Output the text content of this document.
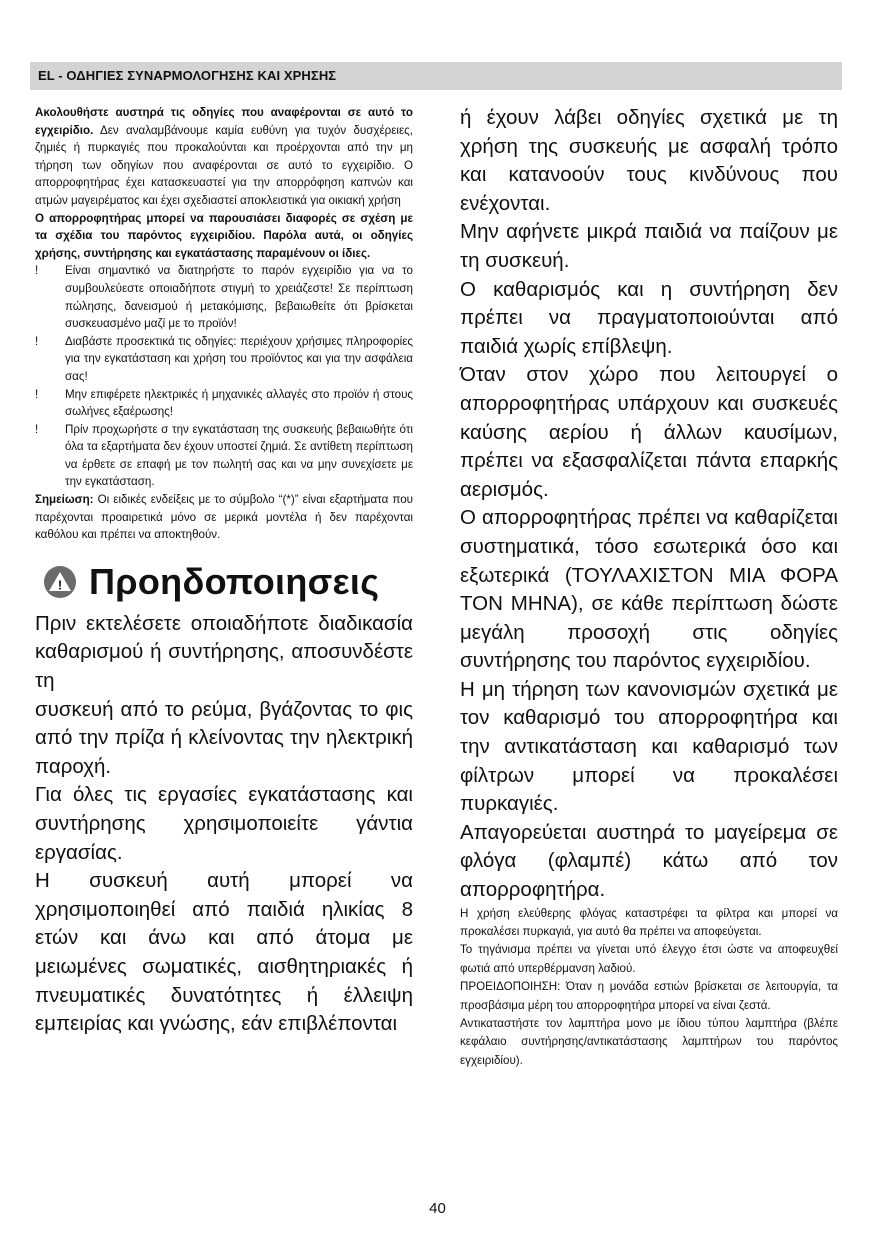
EL - ΟΔΗΓΙΕΣ ΣΥΝΑΡΜΟΛΟΓΗΣΗΣ ΚΑΙ ΧΡΗΣΗΣ

Ακολουθήστε αυστηρά τις οδηγίες που αναφέρονται σε αυτό το εγχειρίδιο. Δεν αναλαμβάνουμε καμία ευθύνη για τυχόν δυσχέρειες, ζημιές ή πυρκαγιές που προκαλούνται και προέρχονται από την μη τήρηση των οδηγίων που αναφέρονται σε αυτό το εγχειρίδιο. Ο απορροφητήρας έχει κατασκευαστεί για την απορρόφηση καπνών και ατμών μαγειρέματος και έχει σχεδιαστεί αποκλειστικά για οικιακή χρήση

Ο απορροφητήρας μπορεί να παρουσιάσει διαφορές σε σχέση με τα σχέδια του παρόντος εγχειριδίου. Παρόλα αυτά, οι οδηγίες χρήσης, συντήρησης και εγκατάστασης παραμένουν οι ίδιες.

! Είναι σημαντικό να διατηρήστε το παρόν εγχειρίδιο για να το συμβουλεύεστε οποιαδήποτε στιγμή το χρειάζεστε! Σε περίπτωση πώλησης, δανεισμού ή μετακόμισης, βεβαιωθείτε ότι βρίσκεται συσκευασμένο μαζί με το προϊόν!

! Διαβάστε προσεκτικά τις οδηγίες: περιέχουν χρήσιμες πληροφορίες για την εγκατάσταση και χρήση του προϊόντος και για την ασφάλεια σας!

! Μην επιφέρετε ηλεκτρικές ή μηχανικές αλλαγές στο προϊόν ή στους σωλήνες εξαέρωσης!

! Πρίν προχωρήστε σ την εγκατάσταση της συσκευής βεβαιωθήτε ότι όλα τα εξαρτήματα δεν έχουν υποστεί ζημιά. Σε αντίθετη περίπτωση να έρθετε σε επαφή με τον πωλητή σας και να μην συνεχίσετε με την εγκατάσταση.

Σημείωση: Οι ειδικές ενδείξεις με το σύμβολο “(*)” είναι εξαρτήματα που παρέχονται προαιρετικά μόνο σε μερικά μοντέλα ή δεν παρέχονται καθόλου και πρέπει να αποκτηθούν.

! Προηδοποιησεις

Πριν εκτελέσετε οποιαδήποτε διαδικασία καθαρισμού ή συντήρησης, αποσυνδέστε τη

συσκευή από το ρεύμα, βγάζοντας το φις από την πρίζα ή κλείνοντας την ηλεκτρική παροχή.

Για όλες τις εργασίες εγκατάστασης και συντήρησης χρησιμοποιείτε γάντια εργασίας.

Η συσκευή αυτή μπορεί να χρησιμοποιηθεί από παιδιά ηλικίας 8 ετών και άνω και από άτομα με μειωμένες σωματικές, αισθητηριακές ή πνευματικές δυνατότητες ή έλλειψη εμπειρίας και γνώσης, εάν επιβλέπονται

ή έχουν λάβει οδηγίες σχετικά με τη χρήση της συσκευής με ασφαλή τρόπο και κατανοούν τους κινδύνους που ενέχονται.

Μην αφήνετε μικρά παιδιά να παίζουν με τη συσκευή.

Ο καθαρισμός και η συντήρηση δεν πρέπει να πραγματοποιούνται από παιδιά χωρίς επίβλεψη.

Όταν στον χώρο που λειτουργεί ο απορροφητήρας υπάρχουν και συσκευές καύσης αερίου ή άλλων καυσίμων, πρέπει να εξασφαλίζεται πάντα επαρκής αερισμός.

Ο απορροφητήρας πρέπει να καθαρίζεται συστηματικά, τόσο εσωτερικά όσο και εξωτερικά (ΤΟΥΛΑΧΙΣΤΟΝ ΜΙΑ ΦΟΡΑ ΤΟΝ ΜΗΝΑ), σε κάθε περίπτωση δώστε μεγάλη προσοχή στις οδηγίες συντήρησης του παρόντος εγχειριδίου.

Η μη τήρηση των κανονισμών σχετικά με τον καθαρισμό του απορροφητήρα και την αντικατάσταση και καθαρισμό των φίλτρων μπορεί να προκαλέσει πυρκαγιές.

Απαγορεύεται αυστηρά το μαγείρεμα σε φλόγα (φλαμπέ) κάτω από τον απορροφητήρα.

Η χρήση ελεύθερης φλόγας καταστρέφει τα φίλτρα και μπορεί να προκαλέσει πυρκαγιά, για αυτό θα πρέπει να αποφεύγεται.

Το τηγάνισμα πρέπει να γίνεται υπό έλεγχο έτσι ώστε να αποφευχθεί φωτιά από υπερθέρμανση λαδιού.

ΠΡΟΕΙΔΟΠΟΙΗΣΗ: Όταν η μονάδα εστιών βρίσκεται σε λειτουργία, τα προσβάσιμα μέρη του απορροφητήρα μπορεί να είναι ζεστά.

Αντικαταστήστε τον λαμπτήρα μονο με ίδιου τύπου λαμπτήρα (βλέπε κεφάλαιο συντήρησης/αντικατάστασης λαμπτήρων του παρόντος εγχειριδίου).

40
